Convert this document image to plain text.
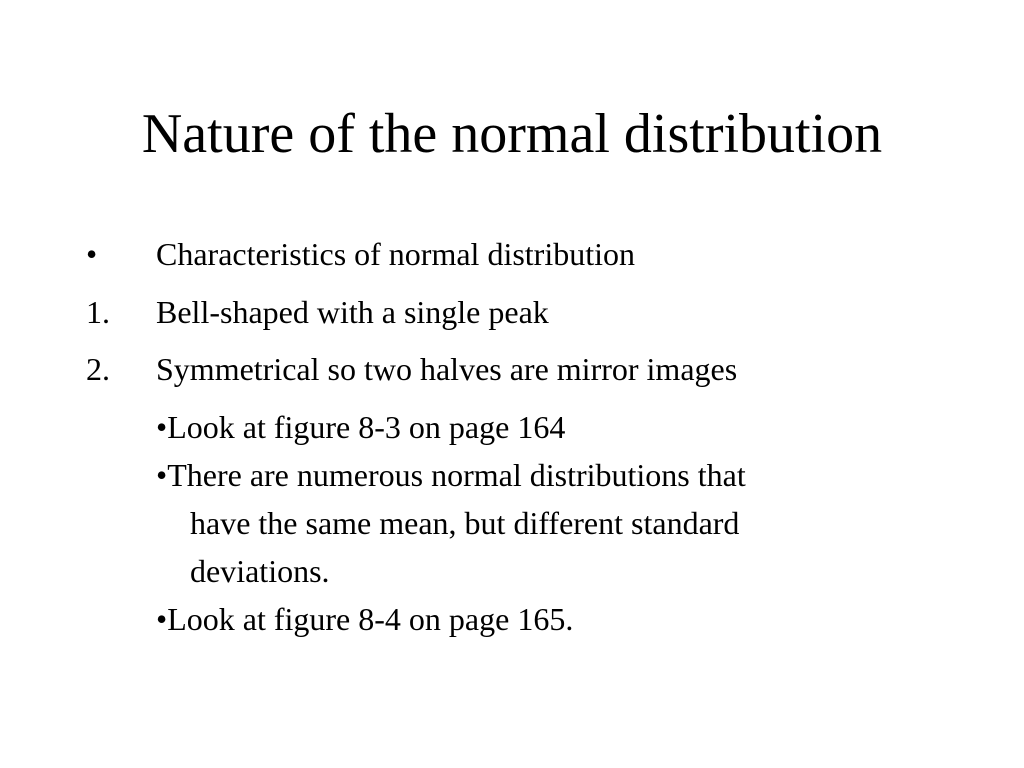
Nature of the normal distribution
• Characteristics of normal distribution
1. Bell-shaped with a single peak
2. Symmetrical so two halves are mirror images
•Look at figure 8-3 on page 164
•There are numerous normal distributions that
have the same mean, but different standard
deviations.
•Look at figure 8-4 on page 165.
